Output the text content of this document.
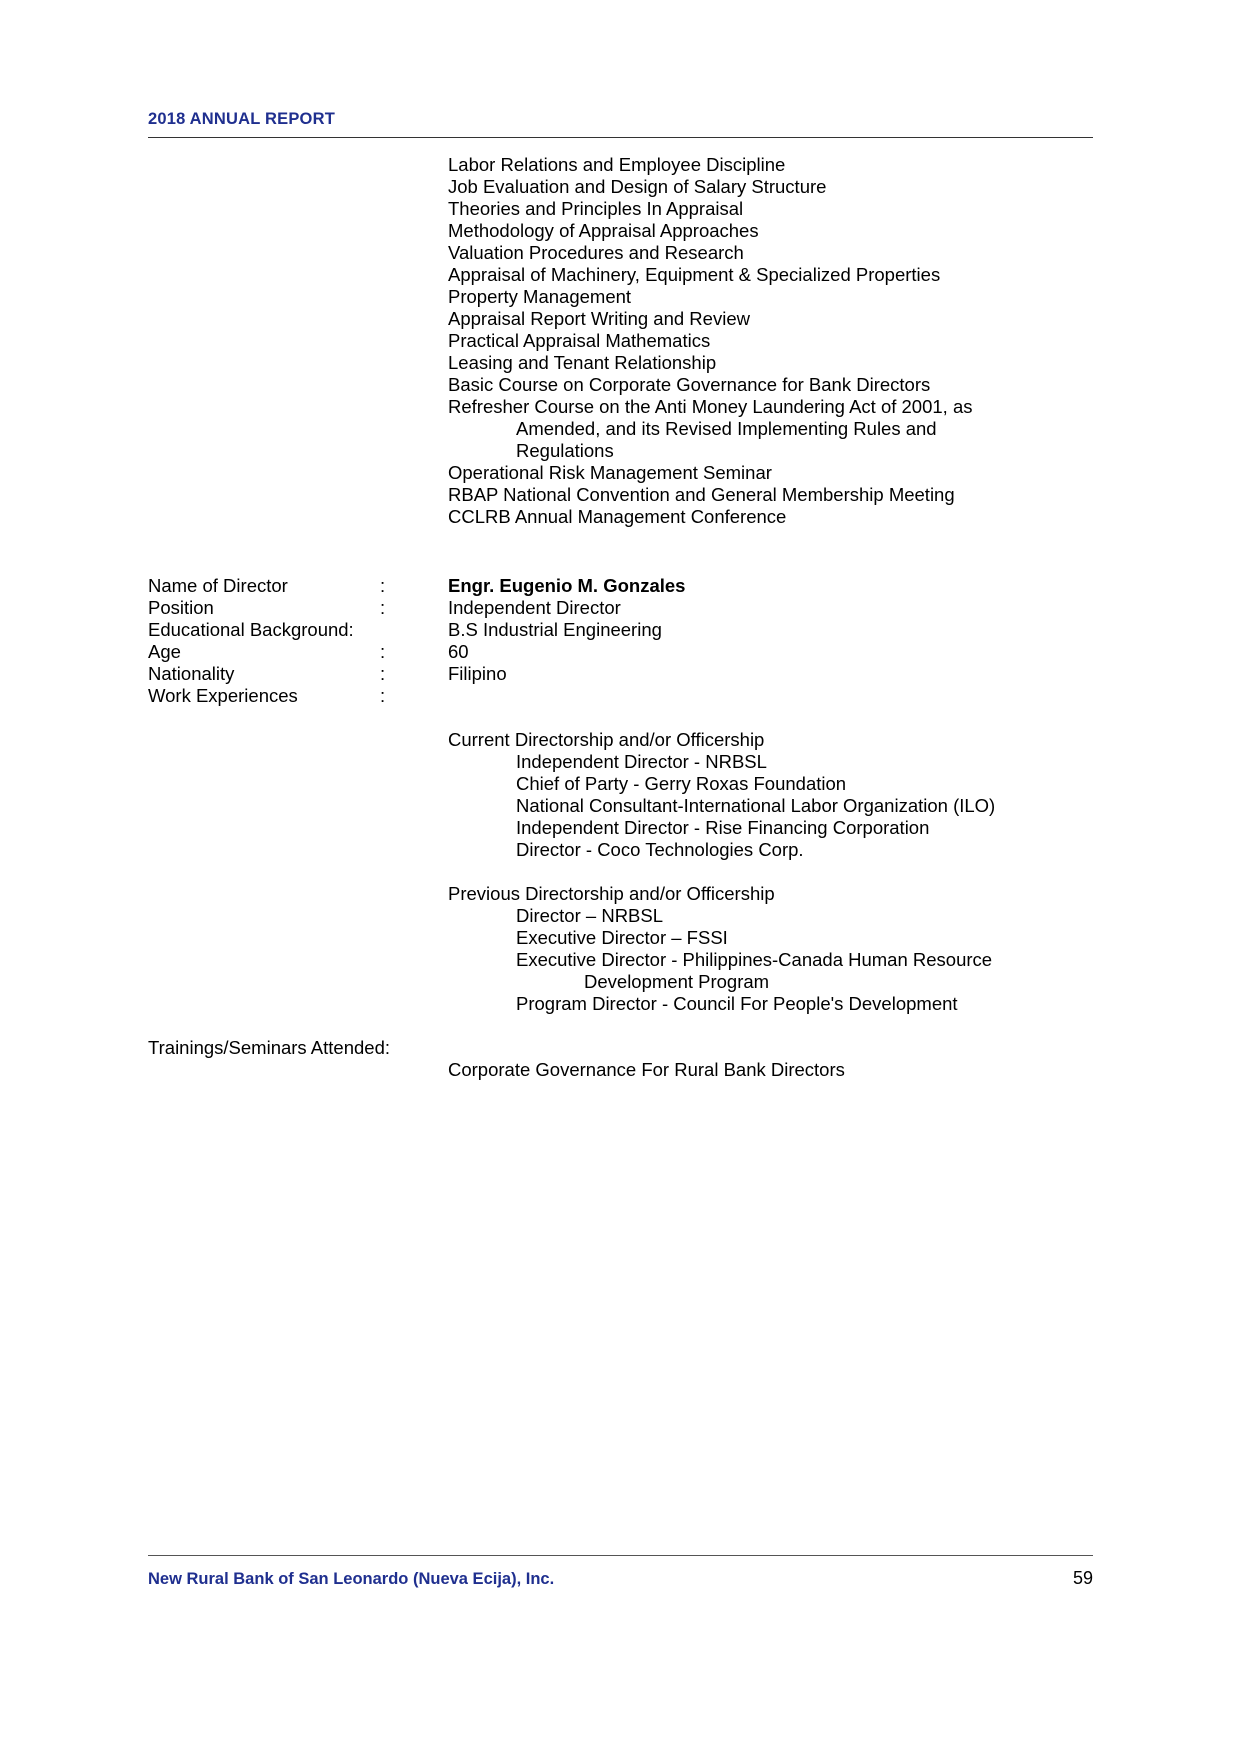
2018 ANNUAL REPORT
Labor Relations and Employee Discipline
Job Evaluation and Design of Salary Structure
Theories and Principles In Appraisal
Methodology of Appraisal Approaches
Valuation Procedures and Research
Appraisal of Machinery, Equipment & Specialized Properties
Property Management
Appraisal Report Writing and Review
Practical Appraisal Mathematics
Leasing and Tenant Relationship
Basic Course on Corporate Governance for Bank Directors
Refresher Course on the Anti Money Laundering Act of 2001, as
Amended, and its Revised Implementing Rules and
Regulations
Operational Risk Management Seminar
RBAP National Convention and General Membership Meeting
CCLRB Annual Management Conference
Name of Director	:	Engr. Eugenio M. Gonzales
Position	:	Independent Director
Educational Background:		B.S Industrial Engineering
Age	:	60
Nationality	:	Filipino
Work Experiences	:	
Current Directorship and/or Officership
Independent Director - NRBSL
Chief of Party - Gerry Roxas Foundation
National Consultant-International Labor Organization (ILO)
Independent Director - Rise Financing Corporation
Director - Coco Technologies Corp.
Previous Directorship and/or Officership
Director – NRBSL
Executive Director – FSSI
Executive Director - Philippines-Canada Human Resource
Development Program
Program Director - Council For People's Development
Trainings/Seminars Attended:
Corporate Governance For Rural Bank Directors
New Rural Bank of San Leonardo (Nueva Ecija), Inc.	59
